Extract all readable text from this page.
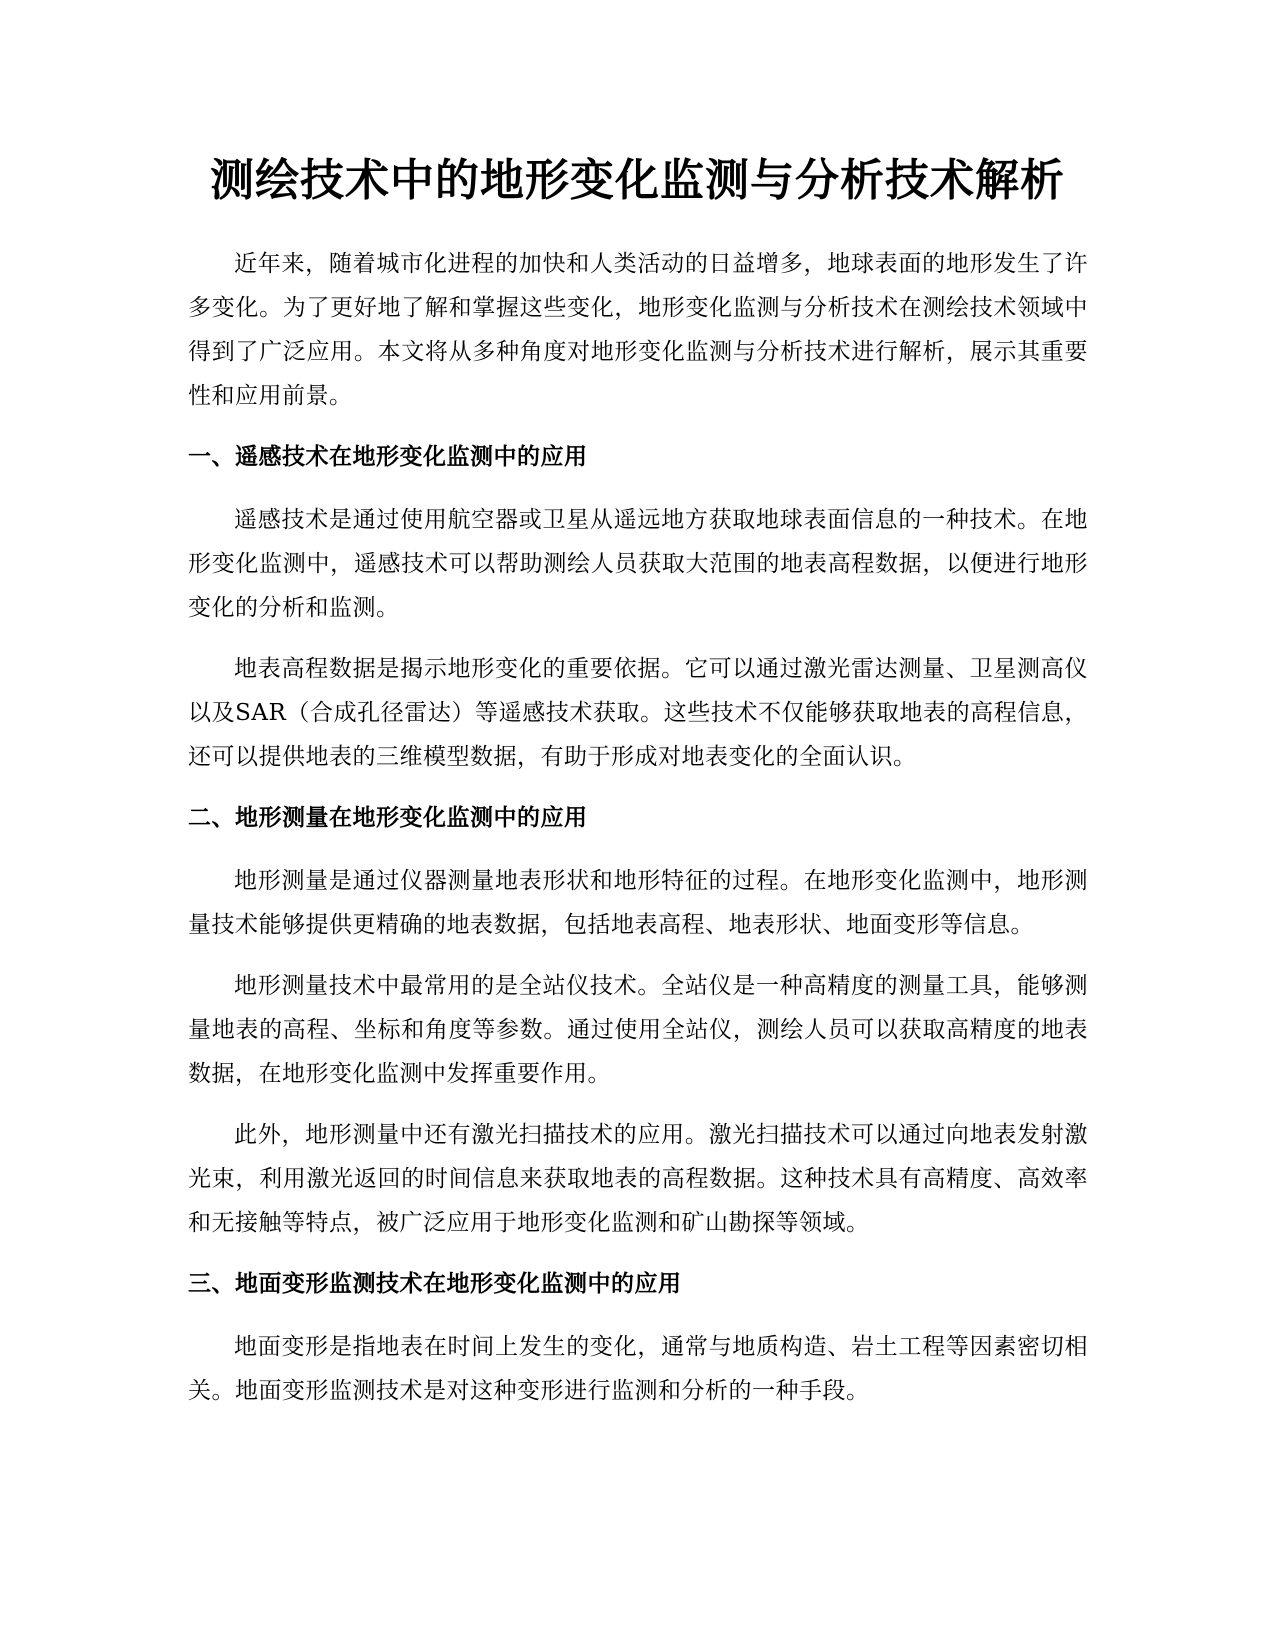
测绘技术中的地形变化监测与分析技术解析

近年来，随着城市化进程的加快和人类活动的日益增多，地球表面的地形发生了许多变化。为了更好地了解和掌握这些变化，地形变化监测与分析技术在测绘技术领域中得到了广泛应用。本文将从多种角度对地形变化监测与分析技术进行解析，展示其重要性和应用前景。

一、遥感技术在地形变化监测中的应用

遥感技术是通过使用航空器或卫星从遥远地方获取地球表面信息的一种技术。在地形变化监测中，遥感技术可以帮助测绘人员获取大范围的地表高程数据，以便进行地形变化的分析和监测。

地表高程数据是揭示地形变化的重要依据。它可以通过激光雷达测量、卫星测高仪以及SAR（合成孔径雷达）等遥感技术获取。这些技术不仅能够获取地表的高程信息，还可以提供地表的三维模型数据，有助于形成对地表变化的全面认识。

二、地形测量在地形变化监测中的应用

地形测量是通过仪器测量地表形状和地形特征的过程。在地形变化监测中，地形测量技术能够提供更精确的地表数据，包括地表高程、地表形状、地面变形等信息。

地形测量技术中最常用的是全站仪技术。全站仪是一种高精度的测量工具，能够测量地表的高程、坐标和角度等参数。通过使用全站仪，测绘人员可以获取高精度的地表数据，在地形变化监测中发挥重要作用。

此外，地形测量中还有激光扫描技术的应用。激光扫描技术可以通过向地表发射激光束，利用激光返回的时间信息来获取地表的高程数据。这种技术具有高精度、高效率和无接触等特点，被广泛应用于地形变化监测和矿山勘探等领域。

三、地面变形监测技术在地形变化监测中的应用

地面变形是指地表在时间上发生的变化，通常与地质构造、岩土工程等因素密切相关。地面变形监测技术是对这种变形进行监测和分析的一种手段。
